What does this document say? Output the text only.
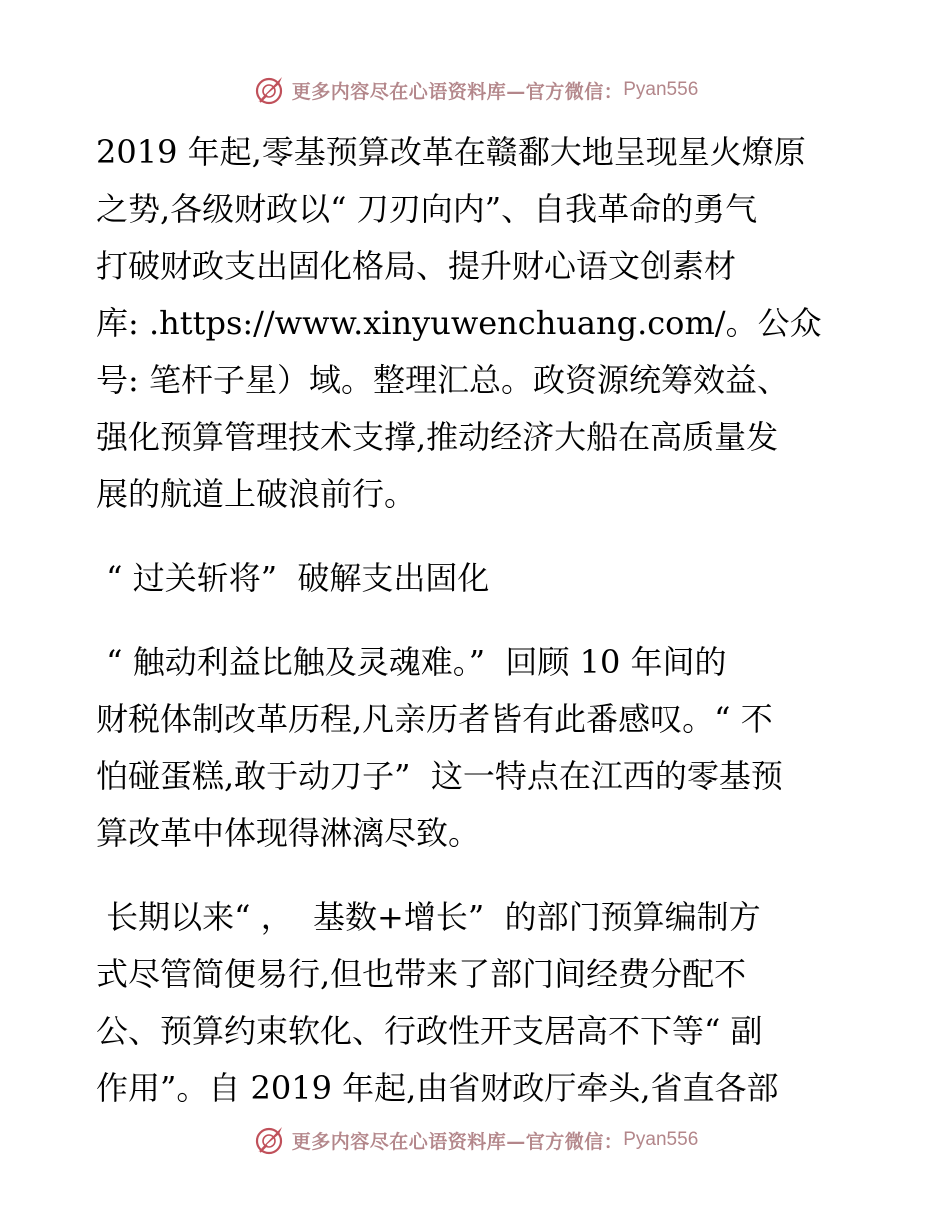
更多内容尽在心语资料库—官方微信： Pyan556
2019 年起,零基预算改革在赣鄱大地呈现星火燎原
之势,各级财政以“ 刀刃向内”、自我革命的勇气
打破财政支出固化格局、提升财心语文创素材
库: .https://www.xinyuwenchuang.com/。公众
号: 笔杆子星）域。整理汇总。政资源统筹效益、
强化预算管理技术支撑,推动经济大船在高质量发
展的航道上破浪前行。
“ 过关斩将”  破解支出固化
“ 触动利益比触及灵魂难。”  回顾 10 年间的
财税体制改革历程,凡亲历者皆有此番感叹。“ 不
怕碰蛋糕,敢于动刀子”  这一特点在江西的零基预
算改革中体现得淋漓尽致。
长期以来“ ，  基数+增长”  的部门预算编制方
式尽管简便易行,但也带来了部门间经费分配不
公、预算约束软化、行政性开支居高不下等“ 副
作用”。自 2019 年起,由省财政厅牵头,省直各部
更多内容尽在心语资料库—官方微信： Pyan556
